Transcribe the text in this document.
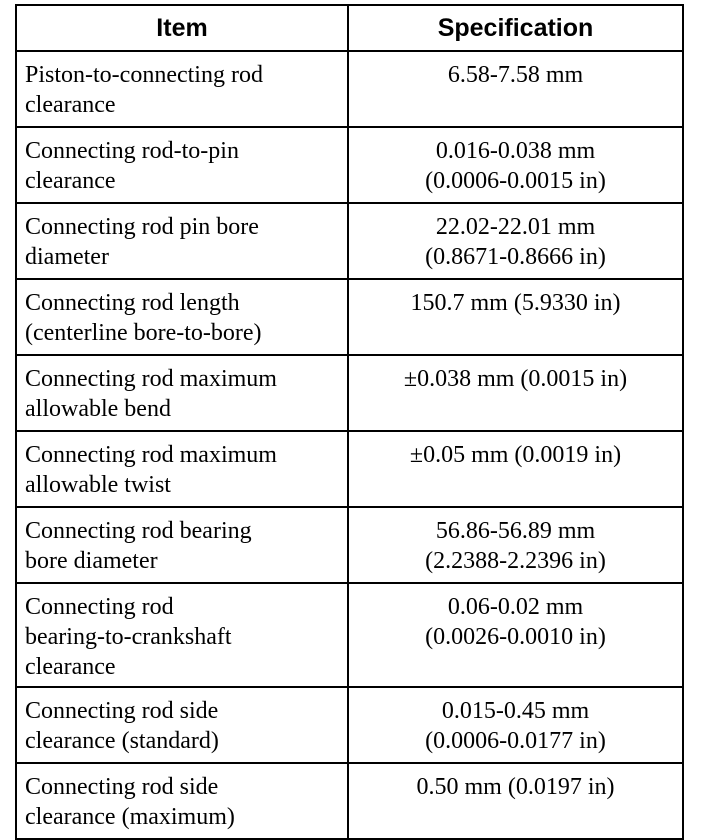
Item	Specification

Piston-to-connecting rod
clearance	6.58-7.58 mm

Connecting rod-to-pin
clearance	0.016-0.038 mm
(0.0006-0.0015 in)

Connecting rod pin bore
diameter	22.02-22.01 mm
(0.8671-0.8666 in)

Connecting rod length
(centerline bore-to-bore)	150.7 mm (5.9330 in)

Connecting rod maximum
allowable bend	±0.038 mm (0.0015 in)

Connecting rod maximum
allowable twist	±0.05 mm (0.0019 in)

Connecting rod bearing
bore diameter	56.86-56.89 mm
(2.2388-2.2396 in)

Connecting rod
bearing-to-crankshaft
clearance	0.06-0.02 mm
(0.0026-0.0010 in)

Connecting rod side
clearance (standard)	0.015-0.45 mm
(0.0006-0.0177 in)

Connecting rod side
clearance (maximum)	0.50 mm (0.0197 in)
